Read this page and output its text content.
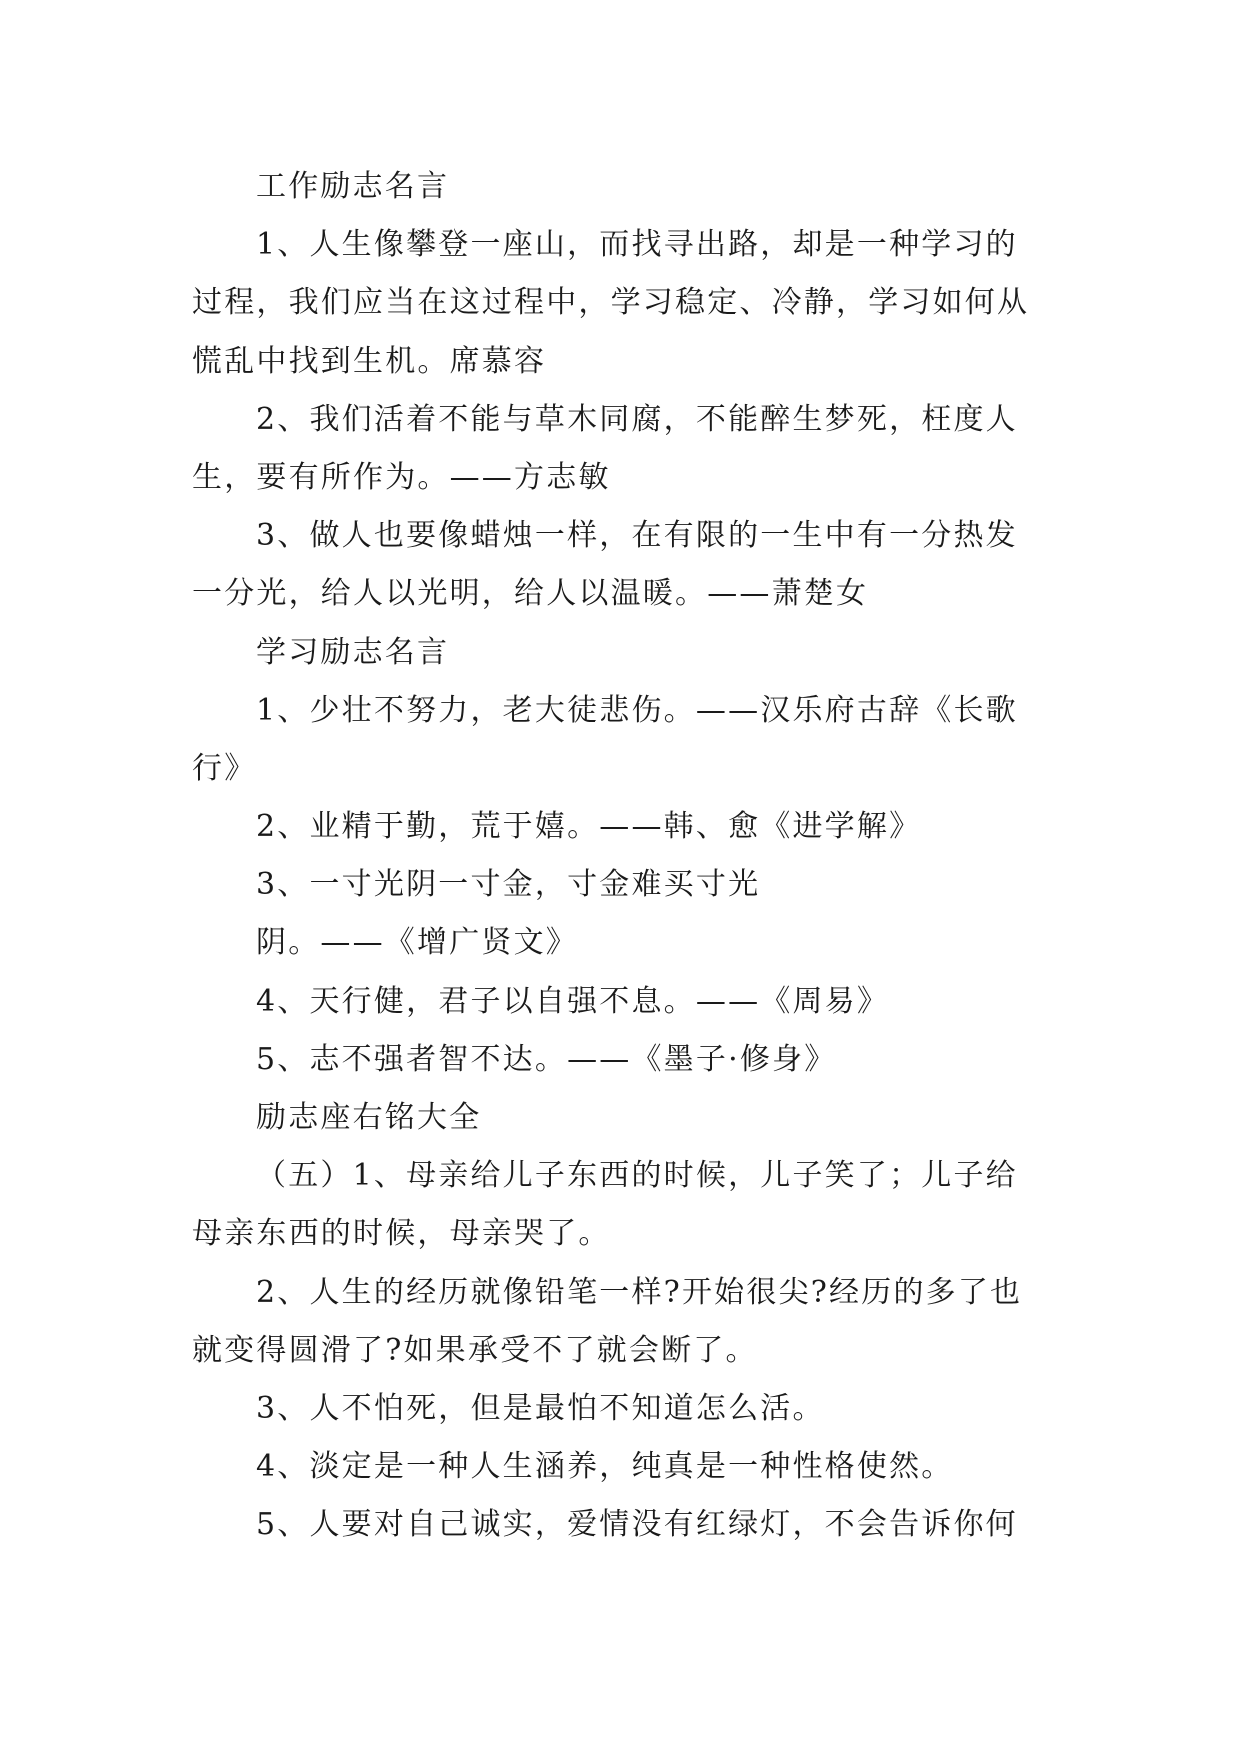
工作励志名言
1、人生像攀登一座山，而找寻出路，却是一种学习的
过程，我们应当在这过程中，学习稳定、冷静，学习如何从
慌乱中找到生机。席慕容
2、我们活着不能与草木同腐，不能醉生梦死，枉度人
生，要有所作为。——方志敏
3、做人也要像蜡烛一样，在有限的一生中有一分热发
一分光，给人以光明，给人以温暖。——萧楚女
学习励志名言
1、少壮不努力，老大徒悲伤。——汉乐府古辞《长歌
行》
2、业精于勤，荒于嬉。——韩、愈《进学解》
3、一寸光阴一寸金，寸金难买寸光
阴。——《增广贤文》
4、天行健，君子以自强不息。——《周易》
5、志不强者智不达。——《墨子·修身》
励志座右铭大全
（五）1、母亲给儿子东西的时候，儿子笑了；儿子给
母亲东西的时候，母亲哭了。
2、人生的经历就像铅笔一样?开始很尖?经历的多了也
就变得圆滑了?如果承受不了就会断了。
3、人不怕死，但是最怕不知道怎么活。
4、淡定是一种人生涵养，纯真是一种性格使然。
5、人要对自己诚实，爱情没有红绿灯，不会告诉你何
